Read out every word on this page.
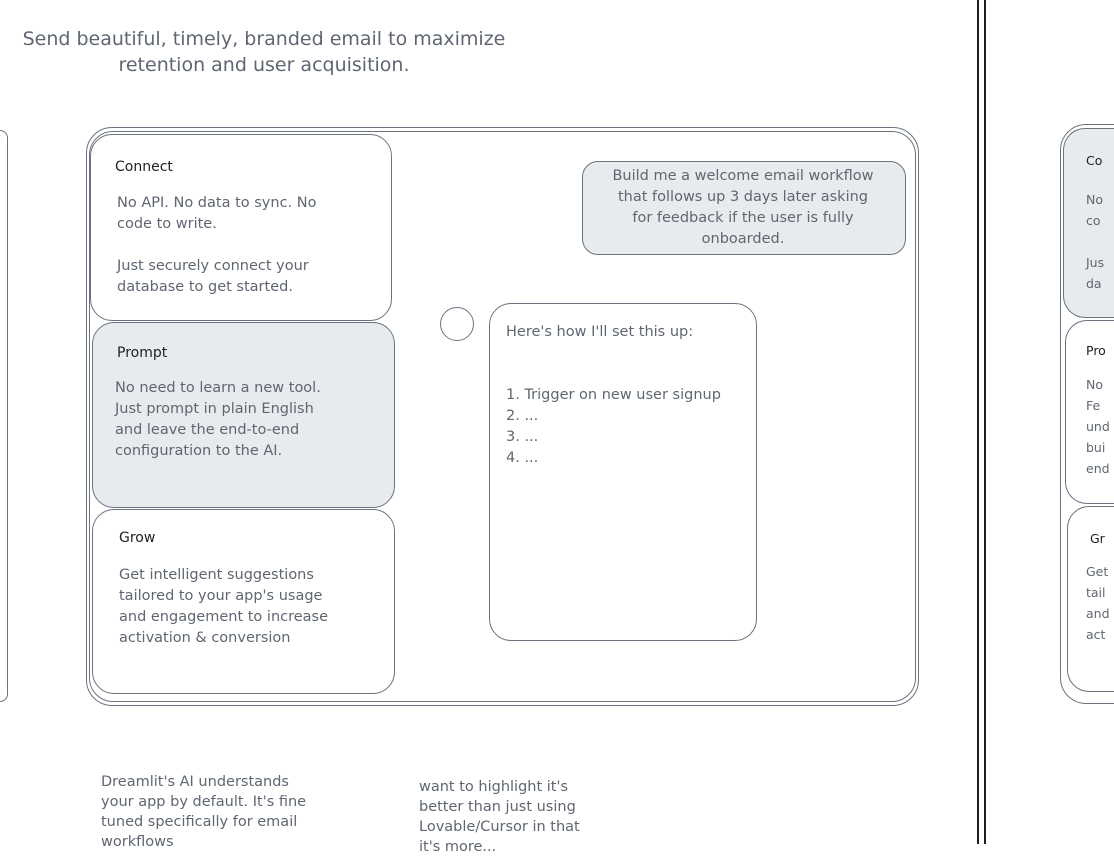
Send beautiful, timely, branded email to maximize
retention and user acquisition.
Connect
No API. No data to sync. No
code to write.

Just securely connect your
database to get started.
Prompt
No need to learn a new tool.
Just prompt in plain English
and leave the end-to-end
configuration to the AI.
Grow
Get intelligent suggestions
tailored to your app's usage
and engagement to increase
activation & conversion
Build me a welcome email workflow
that follows up 3 days later asking
for feedback if the user is fully
onboarded.
Here's how I'll set this up:
1. Trigger on new user signup
2. ...
3. ...
4. ...
Dreamlit's AI understands
your app by default. It's fine
tuned specifically for email
workflows
want to highlight it's
better than just using
Lovable/Cursor in that
it's more...
Co
No
co

Jus
da
Pro
No
Fe
und
bui
end
Gr
Get
tail
and
act
